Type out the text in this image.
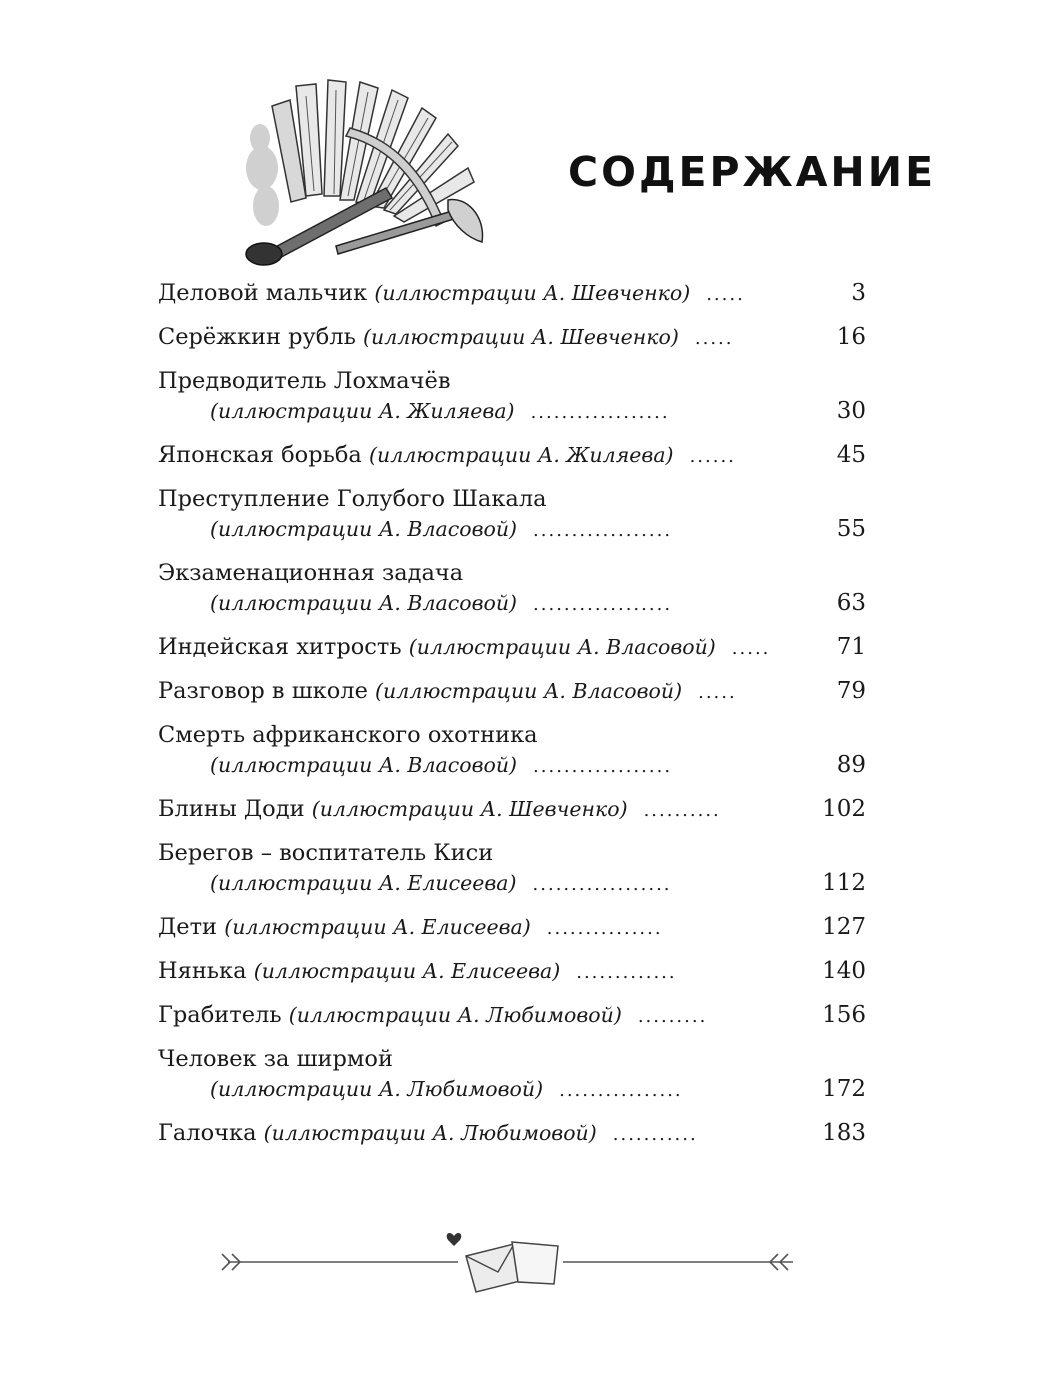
СОДЕРЖАНИЕ
Деловой мальчик
(иллюстрации А. Шевченко) .....	3
Серёжкин рубль
(иллюстрации А. Шевченко) .....	16
Предводитель Лохмачёв
(иллюстрации А. Жиляева) ..................	30
Японская борьба
(иллюстрации А. Жиляева) ......	45
Преступление Голубого Шакала
(иллюстрации А. Власовой) ..................	55
Экзаменационная задача
(иллюстрации А. Власовой) ..................	63
Индейская хитрость
(иллюстрации А. Власовой) .....	71
Разговор в школе
(иллюстрации А. Власовой) .....	79
Смерть африканского охотника
(иллюстрации А. Власовой) ..................	89
Блины Доди
(иллюстрации А. Шевченко) ..........	102
Берегов – воспитатель Киси
(иллюстрации А. Елисеева) ..................	112
Дети
(иллюстрации А. Елисеева) ...............	127
Нянька
(иллюстрации А. Елисеева) .............	140
Грабитель
(иллюстрации А. Любимовой) .........	156
Человек за ширмой
(иллюстрации А. Любимовой) ................	172
Галочка
(иллюстрации А. Любимовой) ...........	183
